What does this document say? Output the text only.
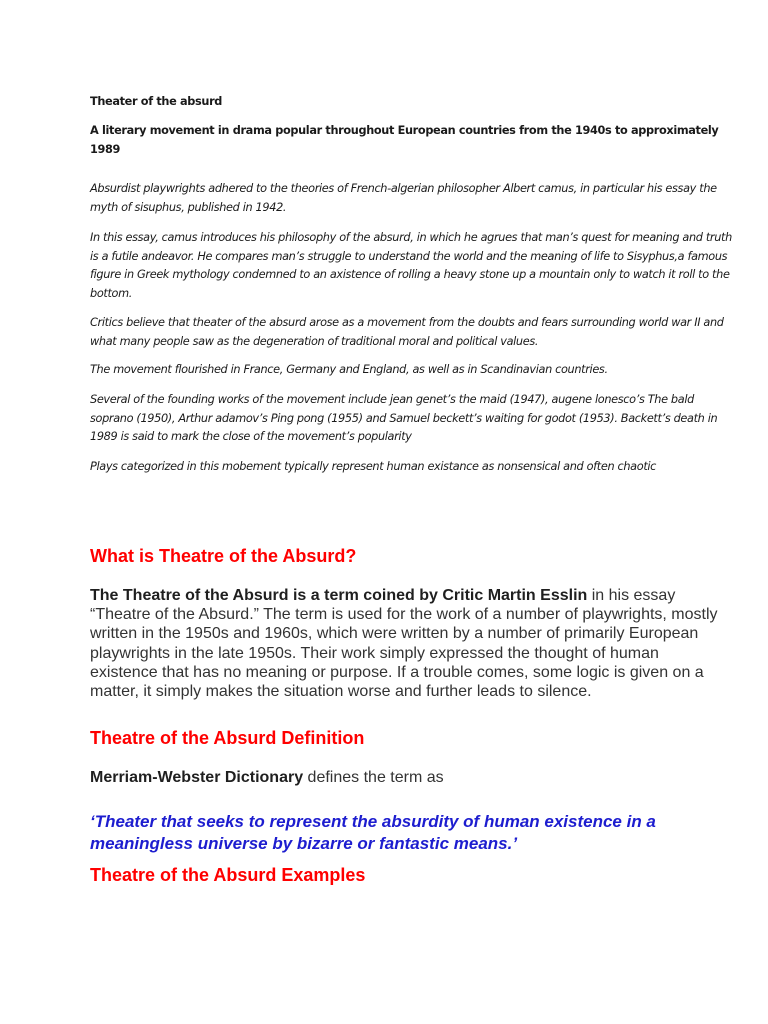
Theater of the absurd
A literary movement in drama popular throughout European countries from the 1940s to approximately 1989
Absurdist playwrights adhered to the theories of French-algerian philosopher Albert camus, in particular his essay the myth of sisuphus, published in 1942.
In this essay, camus introduces his philosophy of the absurd, in which he agrues that man’s quest for meaning and truth is a futile andeavor. He compares man’s struggle to understand the world and the meaning of life to Sisyphus,a famous figure in Greek mythology condemned to an axistence of rolling a heavy stone up a mountain only to watch it roll to the bottom.
Critics believe that theater of the absurd arose as a movement from the doubts and fears surrounding world war II and what many people saw as the degeneration of traditional moral and political values.
The movement flourished in France, Germany and England, as well as in Scandinavian countries.
Several of the founding works of the movement include jean genet’s the maid (1947), augene lonesco’s The bald soprano (1950), Arthur adamov’s Ping pong (1955) and Samuel beckett’s waiting for godot (1953). Backett’s death in 1989 is said to mark the close of the movement’s popularity
Plays categorized in this mobement typically represent human existance as nonsensical and often chaotic
What is Theatre of the Absurd?
The Theatre of the Absurd is a term coined by Critic Martin Esslin in his essay “Theatre of the Absurd.” The term is used for the work of a number of playwrights, mostly written in the 1950s and 1960s, which were written by a number of primarily European playwrights in the late 1950s. Their work simply expressed the thought of human existence that has no meaning or purpose. If a trouble comes, some logic is given on a matter, it simply makes the situation worse and further leads to silence.
Theatre of the Absurd Definition
Merriam-Webster Dictionary defines the term as
‘Theater that seeks to represent the absurdity of human existence in a meaningless universe by bizarre or fantastic means.’
Theatre of the Absurd Examples
